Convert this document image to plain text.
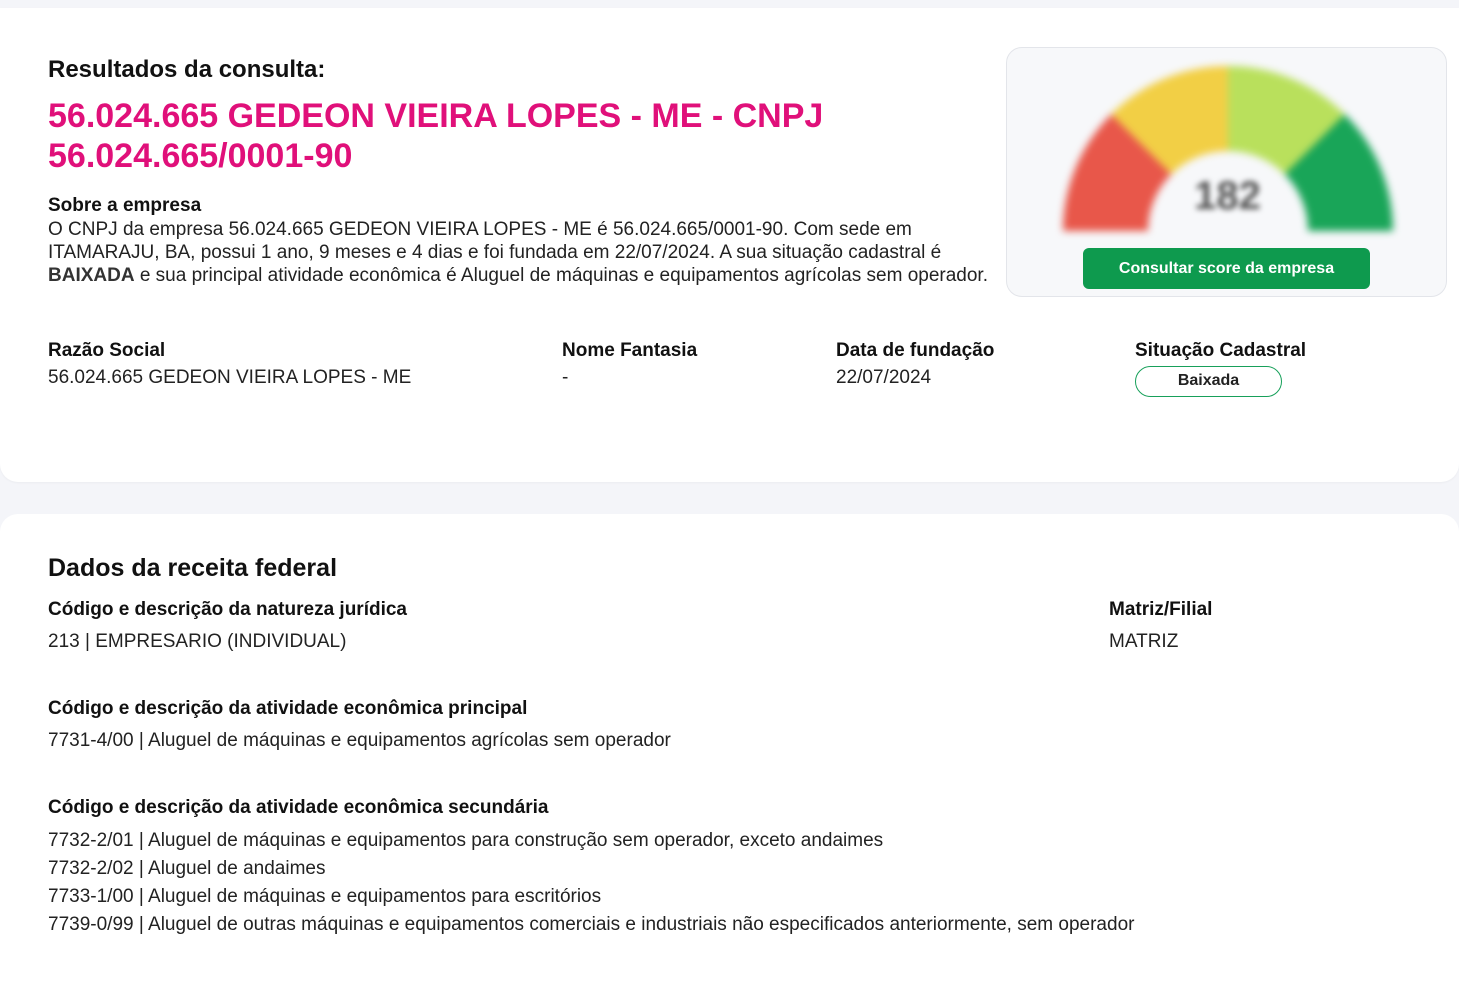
Resultados da consulta:
56.024.665 GEDEON VIEIRA LOPES - ME - CNPJ 56.024.665/0001-90
Sobre a empresa
O CNPJ da empresa 56.024.665 GEDEON VIEIRA LOPES - ME é 56.024.665/0001-90. Com sede em ITAMARAJU, BA, possui 1 ano, 9 meses e 4 dias e foi fundada em 22/07/2024. A sua situação cadastral é BAIXADA e sua principal atividade econômica é Aluguel de máquinas e equipamentos agrícolas sem operador.
Razão Social
56.024.665 GEDEON VIEIRA LOPES - ME
Nome Fantasia
-
Data de fundação
22/07/2024
Situação Cadastral
Baixada
182
Consultar score da empresa
Dados da receita federal
Código e descrição da natureza jurídica
213 | EMPRESARIO (INDIVIDUAL)
Matriz/Filial
MATRIZ
Código e descrição da atividade econômica principal
7731-4/00 | Aluguel de máquinas e equipamentos agrícolas sem operador
Código e descrição da atividade econômica secundária
7732-2/01 | Aluguel de máquinas e equipamentos para construção sem operador, exceto andaimes
7732-2/02 | Aluguel de andaimes
7733-1/00 | Aluguel de máquinas e equipamentos para escritórios
7739-0/99 | Aluguel de outras máquinas e equipamentos comerciais e industriais não especificados anteriormente, sem operador
